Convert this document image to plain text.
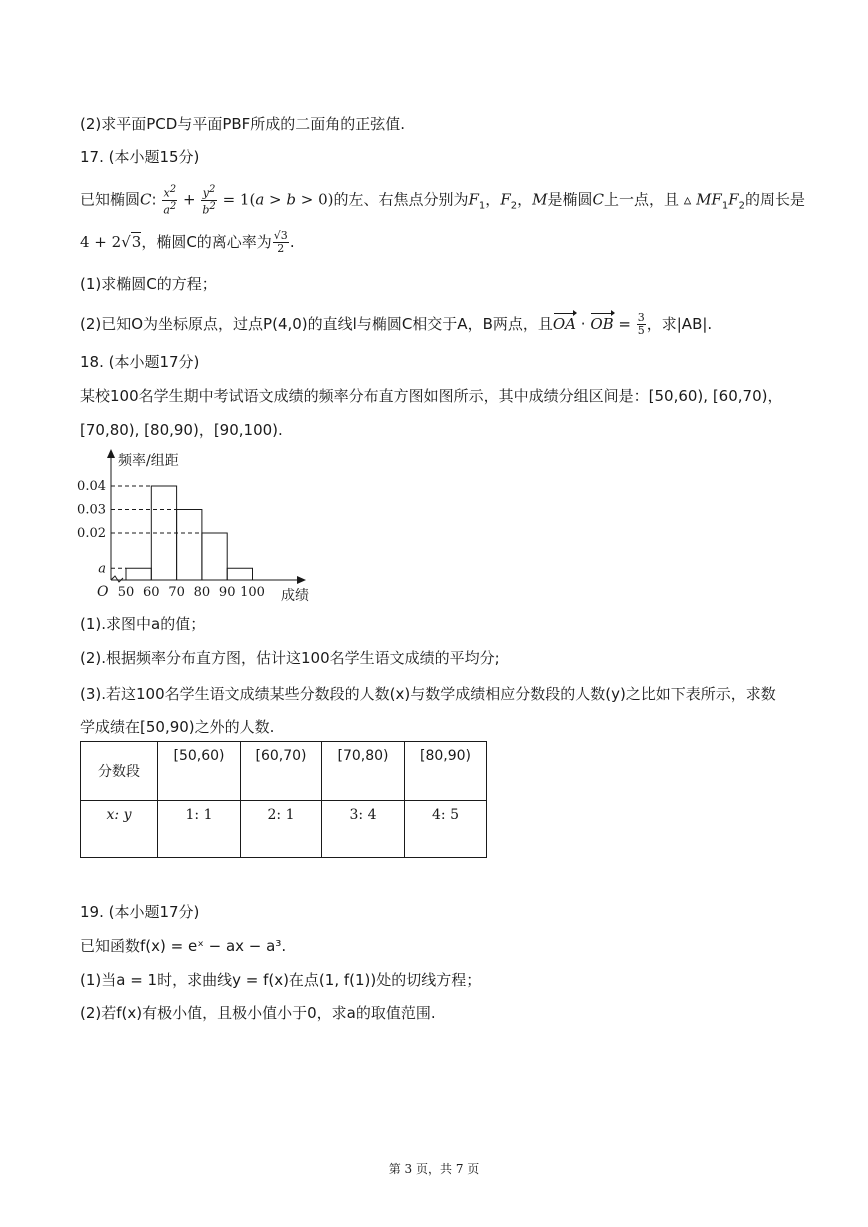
(2)求平面PCD与平面PBF所成的二面角的正弦值.
17. (本小题15分)
已知椭圆C: $\frac{x^2}{a^2} + \frac{y^2}{b^2} = 1(a > b > 0)$的左、右焦点分别为$F_1$，$F_2$，M是椭圆C上一点，且 ▵ $MF_1F_2$的周长是
4 + 2√3，椭圆C的离心率为 $\frac{√3}{2}$ .
(1)求椭圆C的方程；
(2)已知O为坐标原点，过点P(4,0)的直线l与椭圆C相交于A，B两点，且OA · OB = $\frac{3}{5}$ ，求|AB|.
18. (本小题17分)
某校100名学生期中考试语文成绩的频率分布直方图如图所示，其中成绩分组区间是：[50,60), [60,70)，
[70,80), [80,90)，[90,100).
a
0.02
0.03
0.04
50 60 70 80 90 100
O
频率/组距
成绩
(1).求图中a的值；
(2).根据频率分布直方图，估计这100名学生语文成绩的平均分;
(3).若这100名学生语文成绩某些分数段的人数(x)与数学成绩相应分数段的人数(y)之比如下表所示，求数
学成绩在[50,90)之外的人数.
分数段	[50,60)	[60,70)	[70,80)	[80,90)
x: y	1: 1	2: 1	3: 4	4: 5
19. (本小题17分)
已知函数f(x) = eˣ − ax − a³.
(1)当a = 1时，求曲线y = f(x)在点(1, f(1))处的切线方程；
(2)若f(x)有极小值，且极小值小于0，求a的取值范围.
第 3 页，共 7 页
